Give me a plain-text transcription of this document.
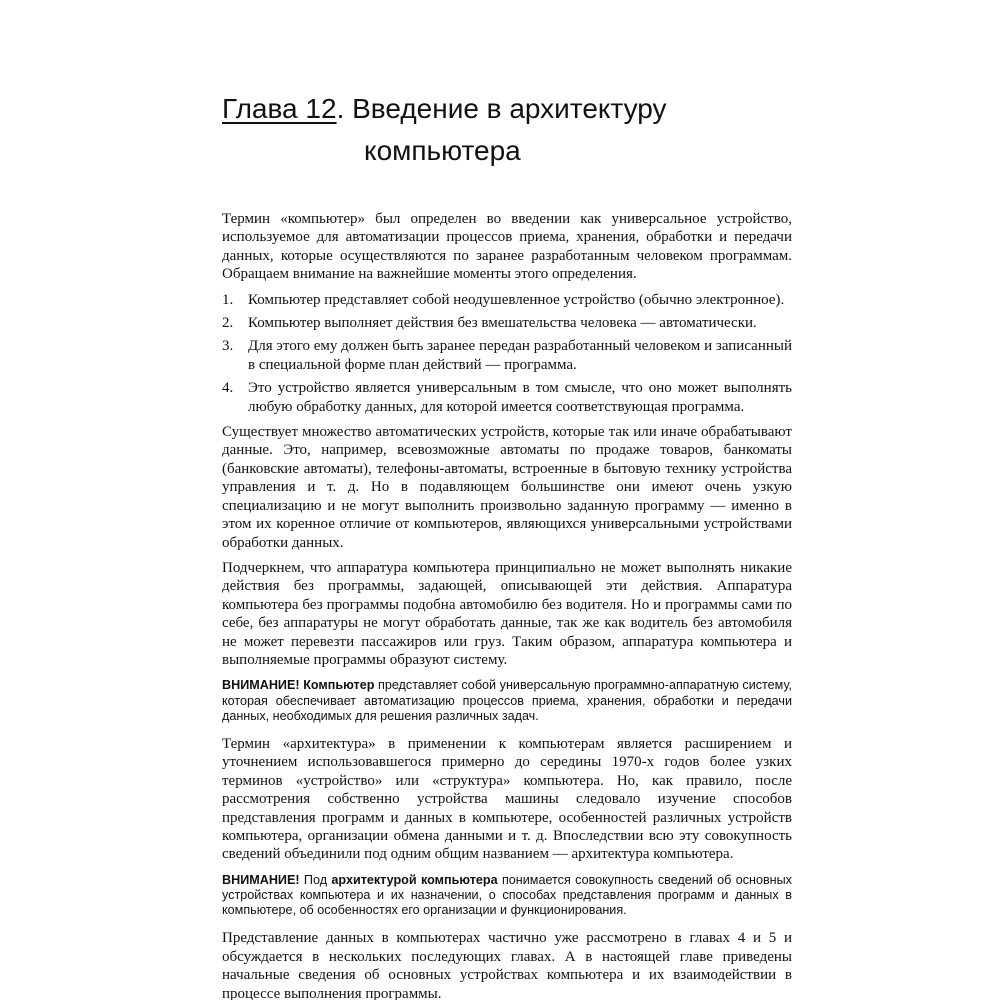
Глава 12. Введение в архитектуру
компьютера

Термин «компьютер» был определен во введении как универсальное устройство, используемое для автоматизации процессов приема, хранения, обработки и передачи данных, которые осуществляются по заранее разработанным человеком программам. Обращаем внимание на важнейшие моменты этого определения.

1. Компьютер представляет собой неодушевленное устройство (обычно электронное).
2. Компьютер выполняет действия без вмешательства человека — автоматически.
3. Для этого ему должен быть заранее передан разработанный человеком и записанный в специальной форме план действий — программа.
4. Это устройство является универсальным в том смысле, что оно может выполнять любую обработку данных, для которой имеется соответствующая программа.

Существует множество автоматических устройств, которые так или иначе обрабатывают данные. Это, например, всевозможные автоматы по продаже товаров, банкоматы (банковские автоматы), телефоны-автоматы, встроенные в бытовую технику устройства управления и т. д. Но в подавляющем большинстве они имеют очень узкую специализацию и не могут выполнить произвольно заданную программу — именно в этом их коренное отличие от компьютеров, являющихся универсальными устройствами обработки данных.

Подчеркнем, что аппаратура компьютера принципиально не может выполнять никакие действия без программы, задающей, описывающей эти действия. Аппаратура компьютера без программы подобна автомобилю без водителя. Но и программы сами по себе, без аппаратуры не могут обработать данные, так же как водитель без автомобиля не может перевезти пассажиров или груз. Таким образом, аппаратура компьютера и выполняемые программы образуют систему.

ВНИМАНИЕ! Компьютер представляет собой универсальную программно-аппаратную систему, которая обеспечивает автоматизацию процессов приема, хранения, обработки и передачи данных, необходимых для решения различных задач.

Термин «архитектура» в применении к компьютерам является расширением и уточнением использовавшегося примерно до середины 1970-х годов более узких терминов «устройство» или «структура» компьютера. Но, как правило, после рассмотрения собственно устройства машины следовало изучение способов представления программ и данных в компьютере, особенностей различных устройств компьютера, организации обмена данными и т. д. Впоследствии всю эту совокупность сведений объединили под одним общим названием — архитектура компьютера.

ВНИМАНИЕ! Под архитектурой компьютера понимается совокупность сведений об основных устройствах компьютера и их назначении, о способах представления программ и данных в компьютере, об особенностях его организации и функционирования.

Представление данных в компьютерах частично уже рассмотрено в главах 4 и 5 и обсуждается в нескольких последующих главах. А в настоящей главе приведены начальные сведения об основных устройствах компьютера и их взаимодействии в процессе выполнения программы.
